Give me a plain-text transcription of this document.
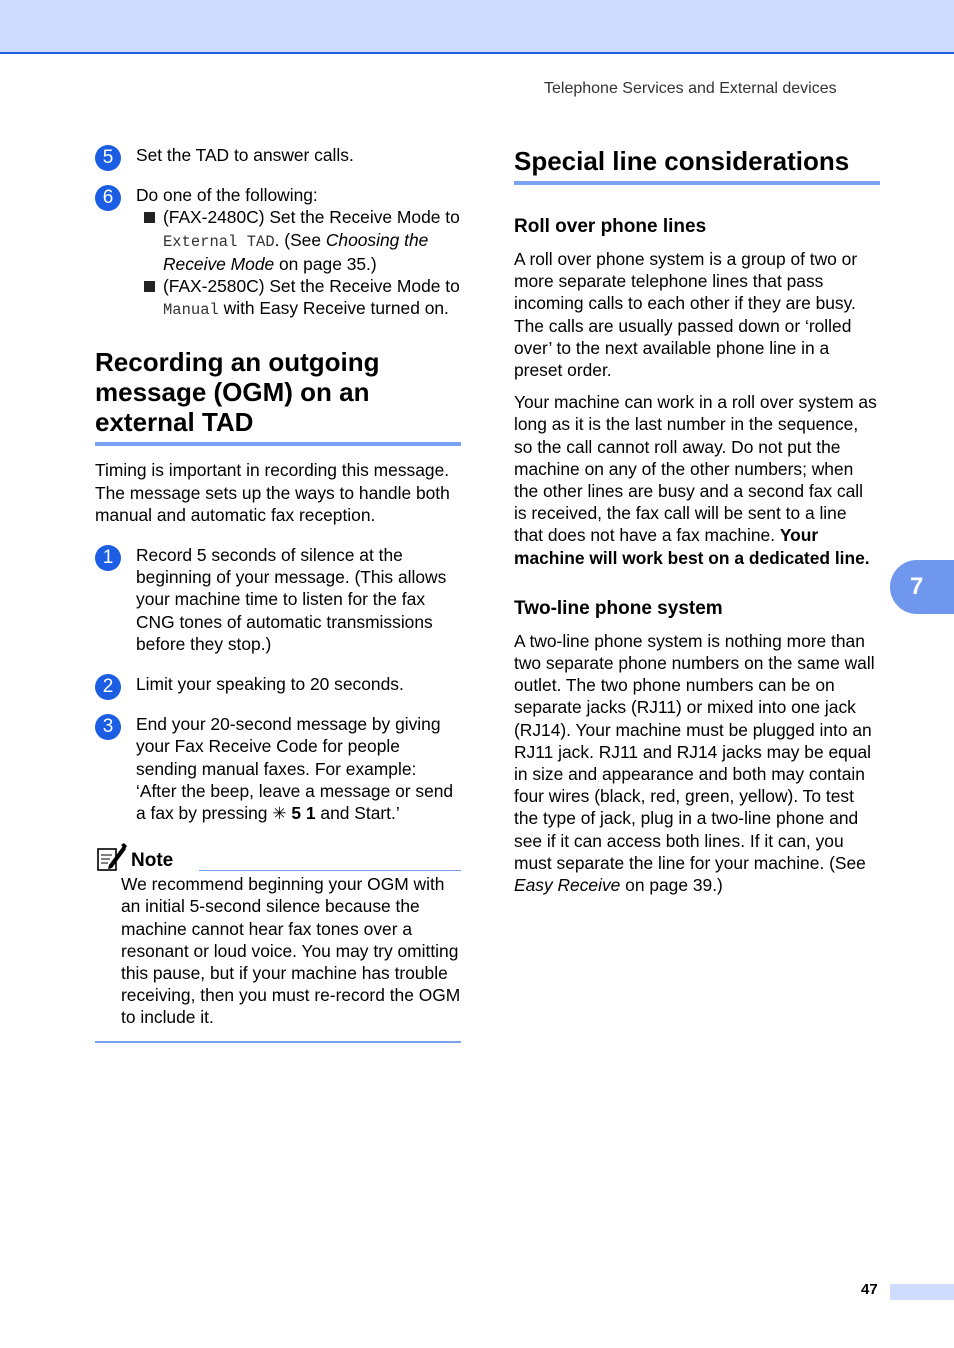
Telephone Services and External devices
5	Set the TAD to answer calls.
6	Do one of the following:
(FAX-2480C) Set the Receive Mode to External TAD. (See Choosing the Receive Mode on page 35.)
(FAX-2580C) Set the Receive Mode to Manual with Easy Receive turned on.
Recording an outgoing message (OGM) on an external TAD

Timing is important in recording this message. The message sets up the ways to handle both manual and automatic fax reception.

1	Record 5 seconds of silence at the beginning of your message. (This allows your machine time to listen for the fax CNG tones of automatic transmissions before they stop.)
2	Limit your speaking to 20 seconds.
3	End your 20-second message by giving your Fax Receive Code for people sending manual faxes. For example: ‘After the beep, leave a message or send a fax by pressing ✳ 5 1 and Start.’
Note
We recommend beginning your OGM with an initial 5-second silence because the machine cannot hear fax tones over a resonant or loud voice. You may try omitting this pause, but if your machine has trouble receiving, then you must re-record the OGM to include it.
Special line considerations
Roll over phone lines

A roll over phone system is a group of two or more separate telephone lines that pass incoming calls to each other if they are busy. The calls are usually passed down or ‘rolled over’ to the next available phone line in a preset order.

Your machine can work in a roll over system as long as it is the last number in the sequence, so the call cannot roll away. Do not put the machine on any of the other numbers; when the other lines are busy and a second fax call is received, the fax call will be sent to a line that does not have a fax machine. Your machine will work best on a dedicated line.

Two-line phone system

A two-line phone system is nothing more than two separate phone numbers on the same wall outlet. The two phone numbers can be on separate jacks (RJ11) or mixed into one jack (RJ14). Your machine must be plugged into an RJ11 jack. RJ11 and RJ14 jacks may be equal in size and appearance and both may contain four wires (black, red, green, yellow). To test the type of jack, plug in a two-line phone and see if it can access both lines. If it can, you must separate the line for your machine. (See Easy Receive on page 39.)

7
47
